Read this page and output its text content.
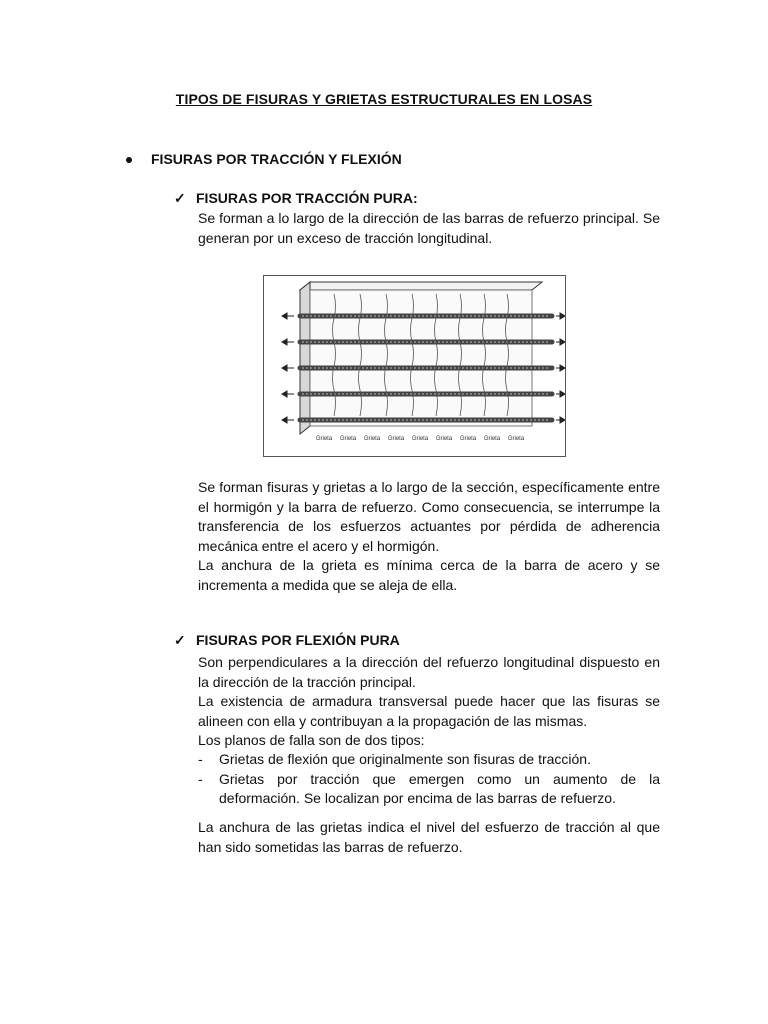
TIPOS DE FISURAS Y GRIETAS ESTRUCTURALES EN LOSAS
FISURAS POR TRACCIÓN Y FLEXIÓN
✓ FISURAS POR TRACCIÓN PURA:

Se forman a lo largo de la dirección de las barras de refuerzo principal. Se generan por un exceso de tracción longitudinal.

Grieta Grieta Grieta Grieta Grieta Grieta Grieta Grieta Grieta

Se forman fisuras y grietas a lo largo de la sección, específicamente entre el hormigón y la barra de refuerzo. Como consecuencia, se interrumpe la transferencia de los esfuerzos actuantes por pérdida de adherencia mecánica entre el acero y el hormigón.

La anchura de la grieta es mínima cerca de la barra de acero y se incrementa a medida que se aleja de ella.

✓ FISURAS POR FLEXIÓN PURA

Son perpendiculares a la dirección del refuerzo longitudinal dispuesto en la dirección de la tracción principal.

La existencia de armadura transversal puede hacer que las fisuras se alineen con ella y contribuyan a la propagación de las mismas.

Los planos de falla son de dos tipos:

- Grietas de flexión que originalmente son fisuras de tracción.
- Grietas por tracción que emergen como un aumento de la deformación. Se localizan por encima de las barras de refuerzo.

La anchura de las grietas indica el nivel del esfuerzo de tracción al que han sido sometidas las barras de refuerzo.
